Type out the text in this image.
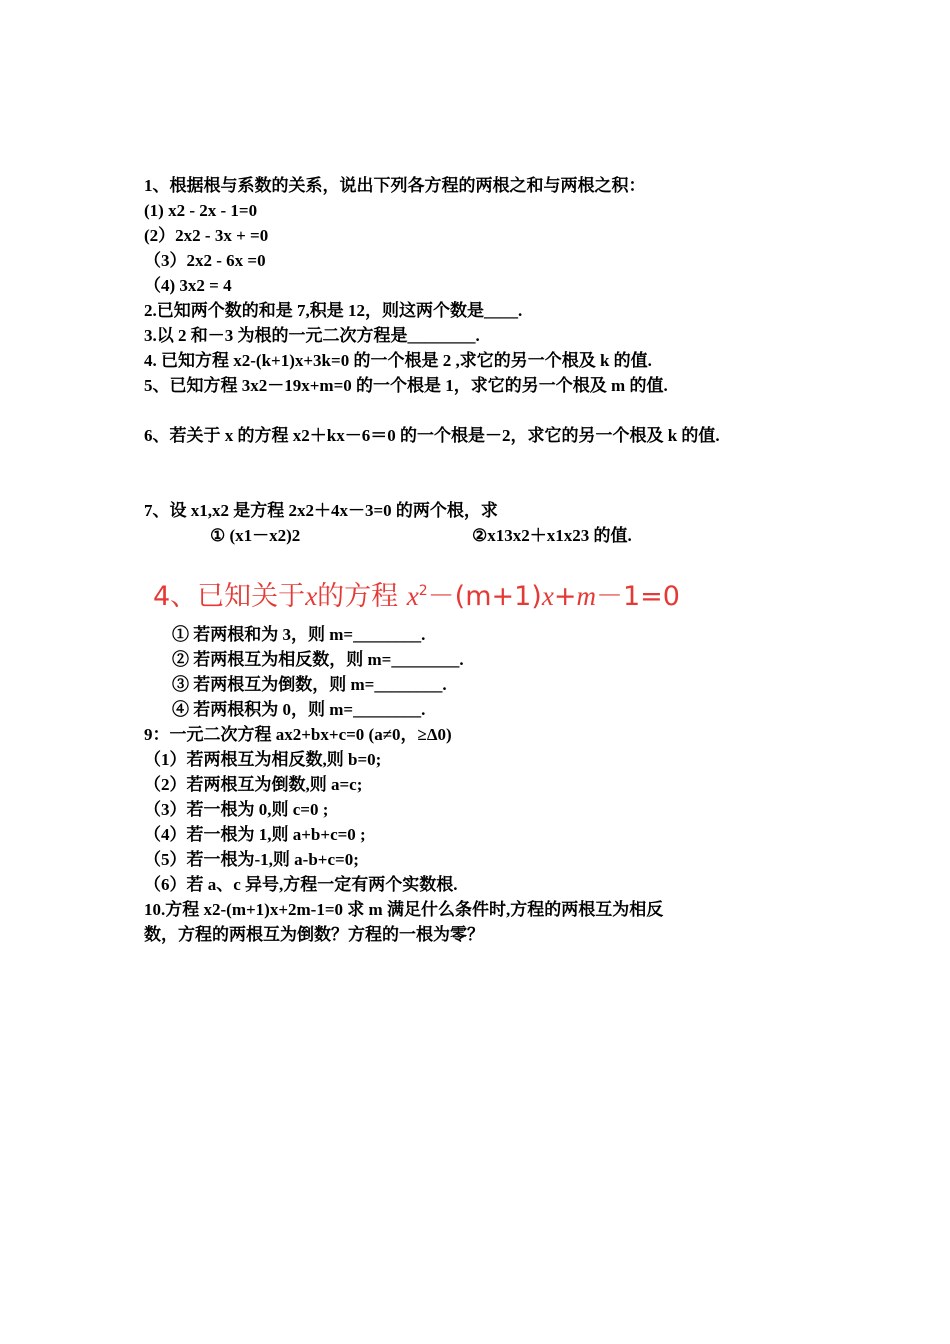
1、根据根与系数的关系，说出下列各方程的两根之和与两根之积：
(1) x2 - 2x - 1=0
(2）2x2 - 3x + =0
（3）2x2 - 6x =0
（4) 3x2 = 4
2.已知两个数的和是 7,积是 12，则这两个数是____.
3.以 2 和－3 为根的一元二次方程是________.
4. 已知方程 x2-(k+1)x+3k=0 的一个根是 2 ,求它的另一个根及 k 的值.
5、已知方程 3x2－19x+m=0 的一个根是 1，求它的另一个根及 m 的值.
6、若关于 x 的方程 x2＋kx－6＝0 的一个根是－2，求它的另一个根及 k 的值.
7、设 x1,x2 是方程 2x2＋4x－3=0 的两个根，求
① (x1－x2)2	②x13x2＋x1x23 的值.
4、已知关于x的方程 $x^2-(m+1)x+m-1=0$
① 若两根和为 3，则 m=________.
② 若两根互为相反数，则 m=________.
③ 若两根互为倒数，则 m=________.
④ 若两根积为 0，则 m=________.
9：一元二次方程 ax2+bx+c=0 (a≠0，≥Δ0)
（1）若两根互为相反数,则 b=0;
（2）若两根互为倒数,则 a=c;
（3）若一根为 0,则 c=0 ;
（4）若一根为 1,则 a+b+c=0 ;
（5）若一根为-1,则 a-b+c=0;
（6）若 a、c 异号,方程一定有两个实数根.
10.方程 x2-(m+1)x+2m-1=0 求 m 满足什么条件时,方程的两根互为相反
数，方程的两根互为倒数？方程的一根为零？
